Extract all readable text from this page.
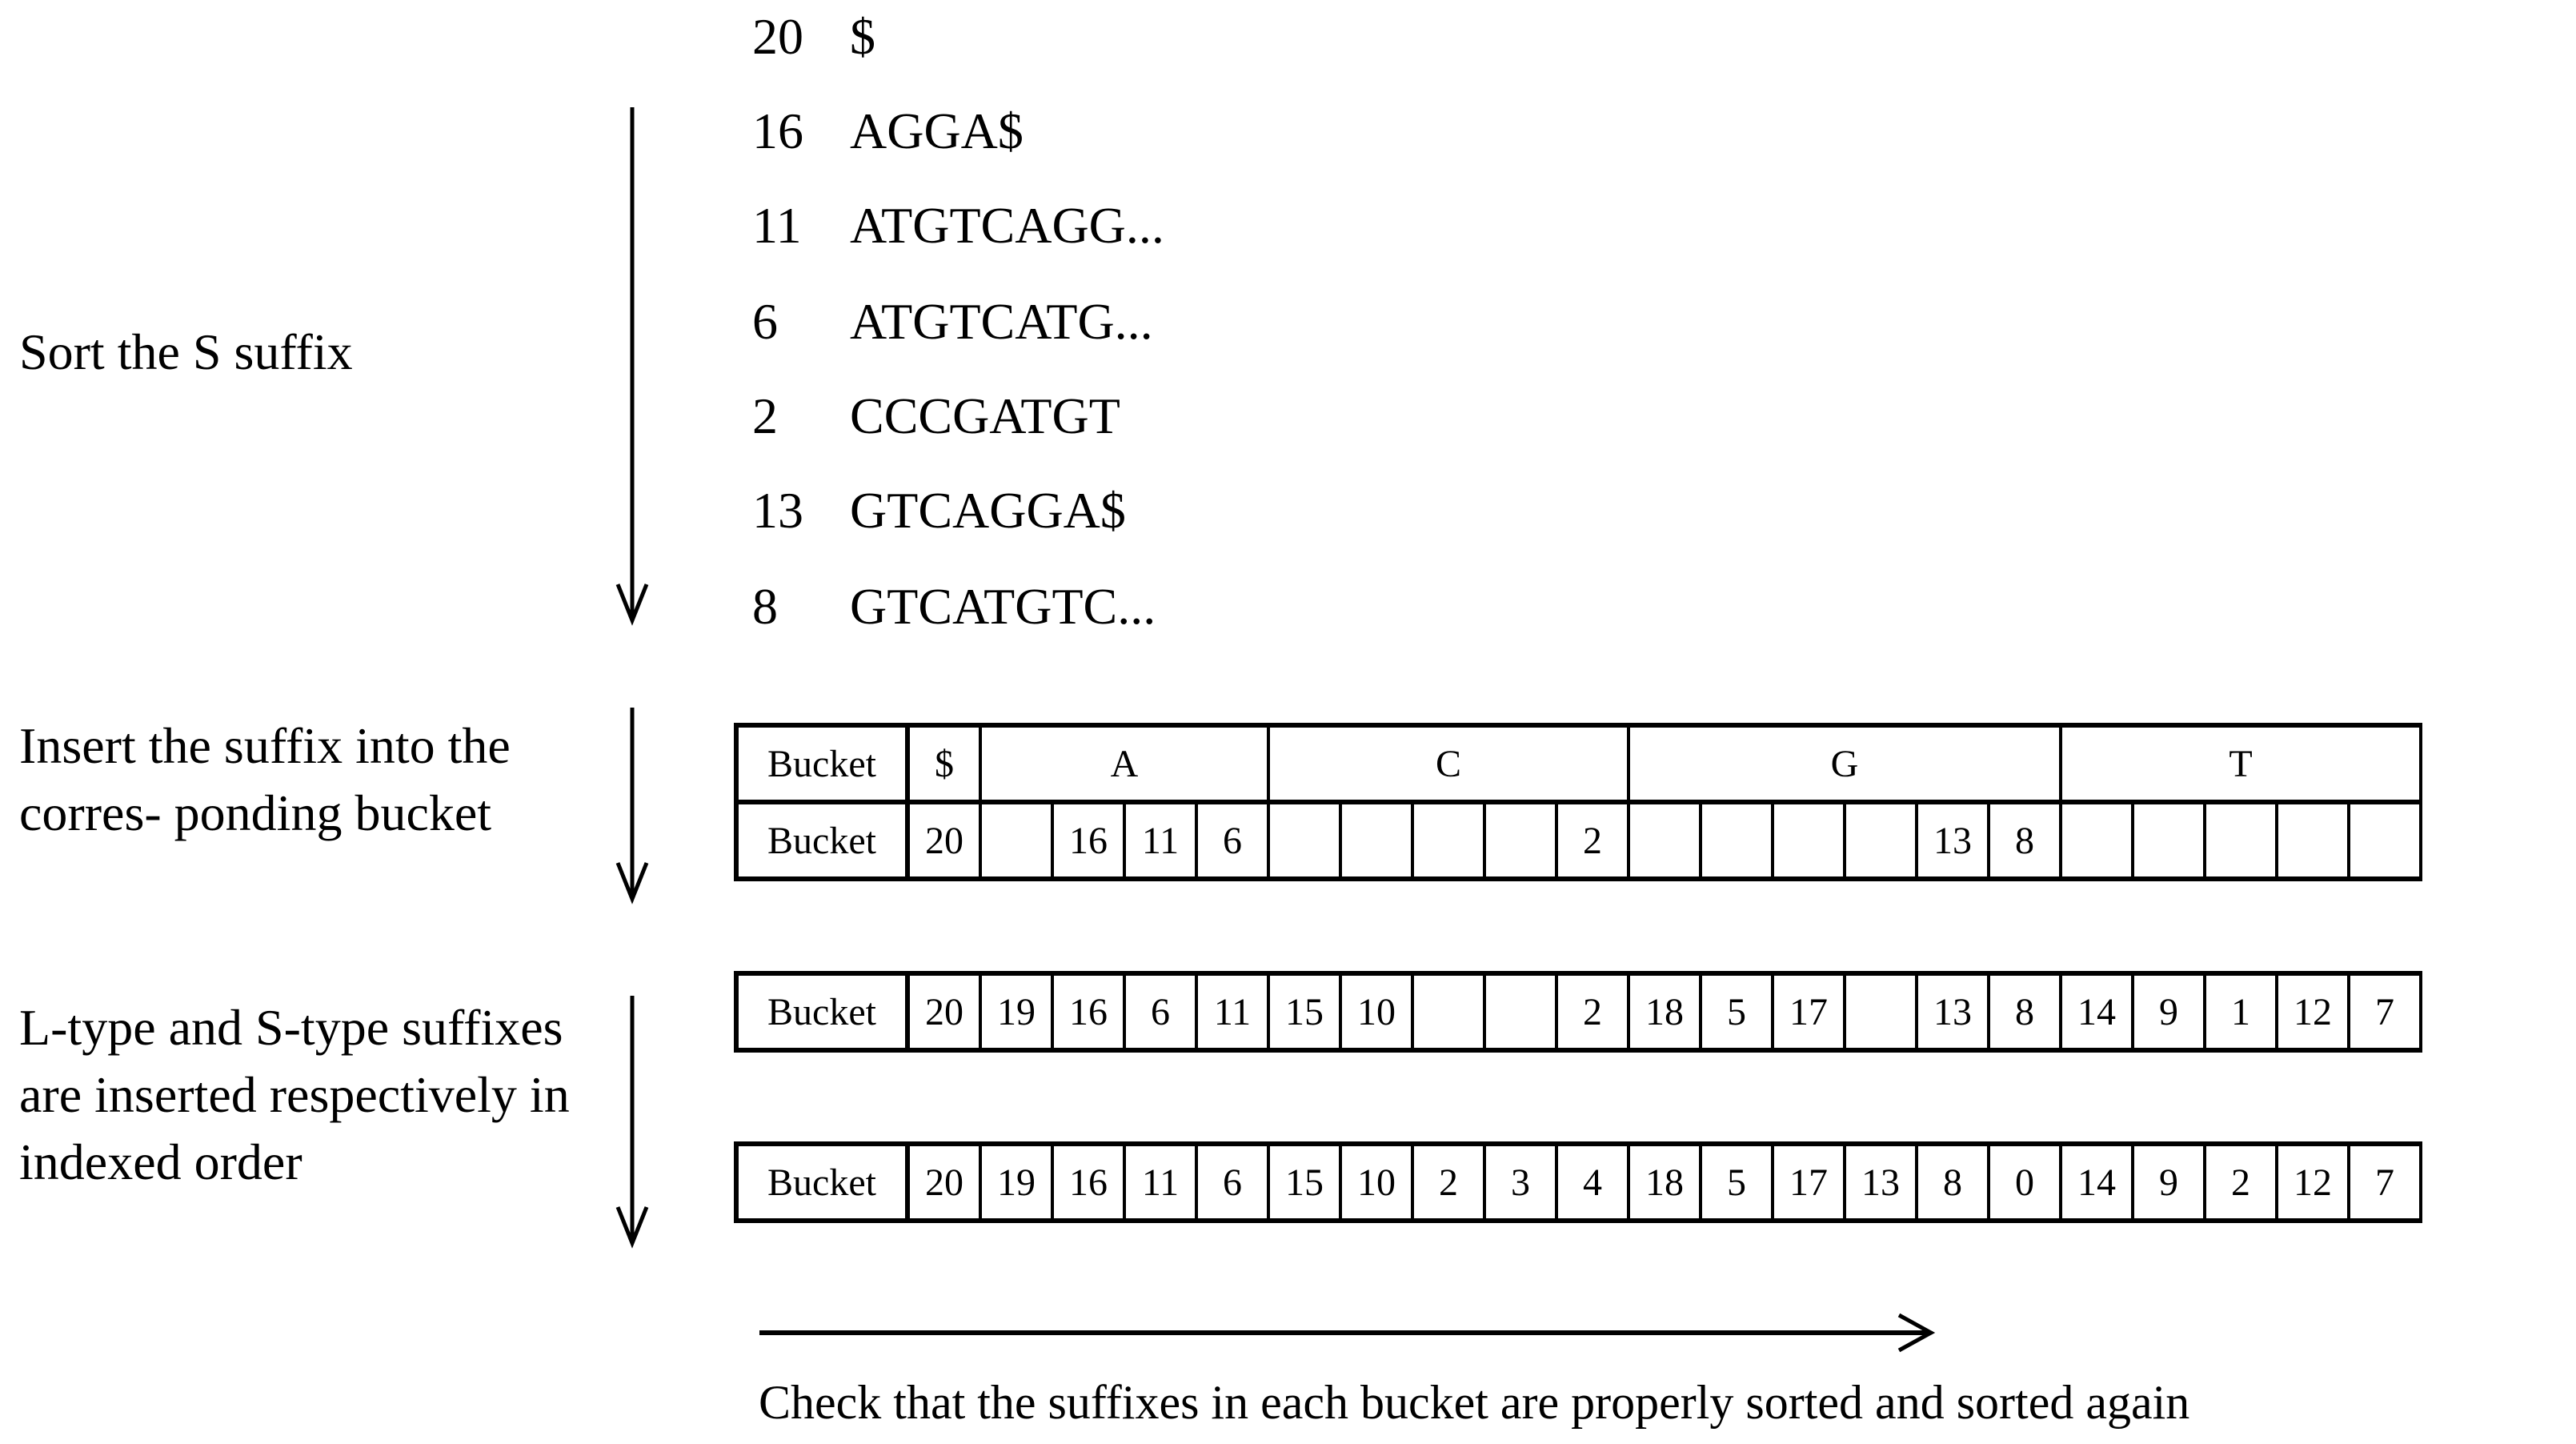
20 $
16 AGGA$
11 ATGTCAGG...
6 ATGTCATG...
2 CCCGATGT
13 GTCAGGA$
8 GTCATGTC...
Sort the S suffix
Insert the suffix into the
corres- ponding bucket
L-type and S-type suffixes
are inserted respectively in
indexed order
Bucket	$	A				C					G						T				
Bucket	20		16	11	6					2					13	8					
Bucket	20	19	16	6	11	15	10			2	18	5	17		13	8	14	9	1	12	7
Bucket	20	19	16	11	6	15	10	2	3	4	18	5	17	13	8	0	14	9	2	12	7
Check that the suffixes in each bucket are properly sorted and sorted again
